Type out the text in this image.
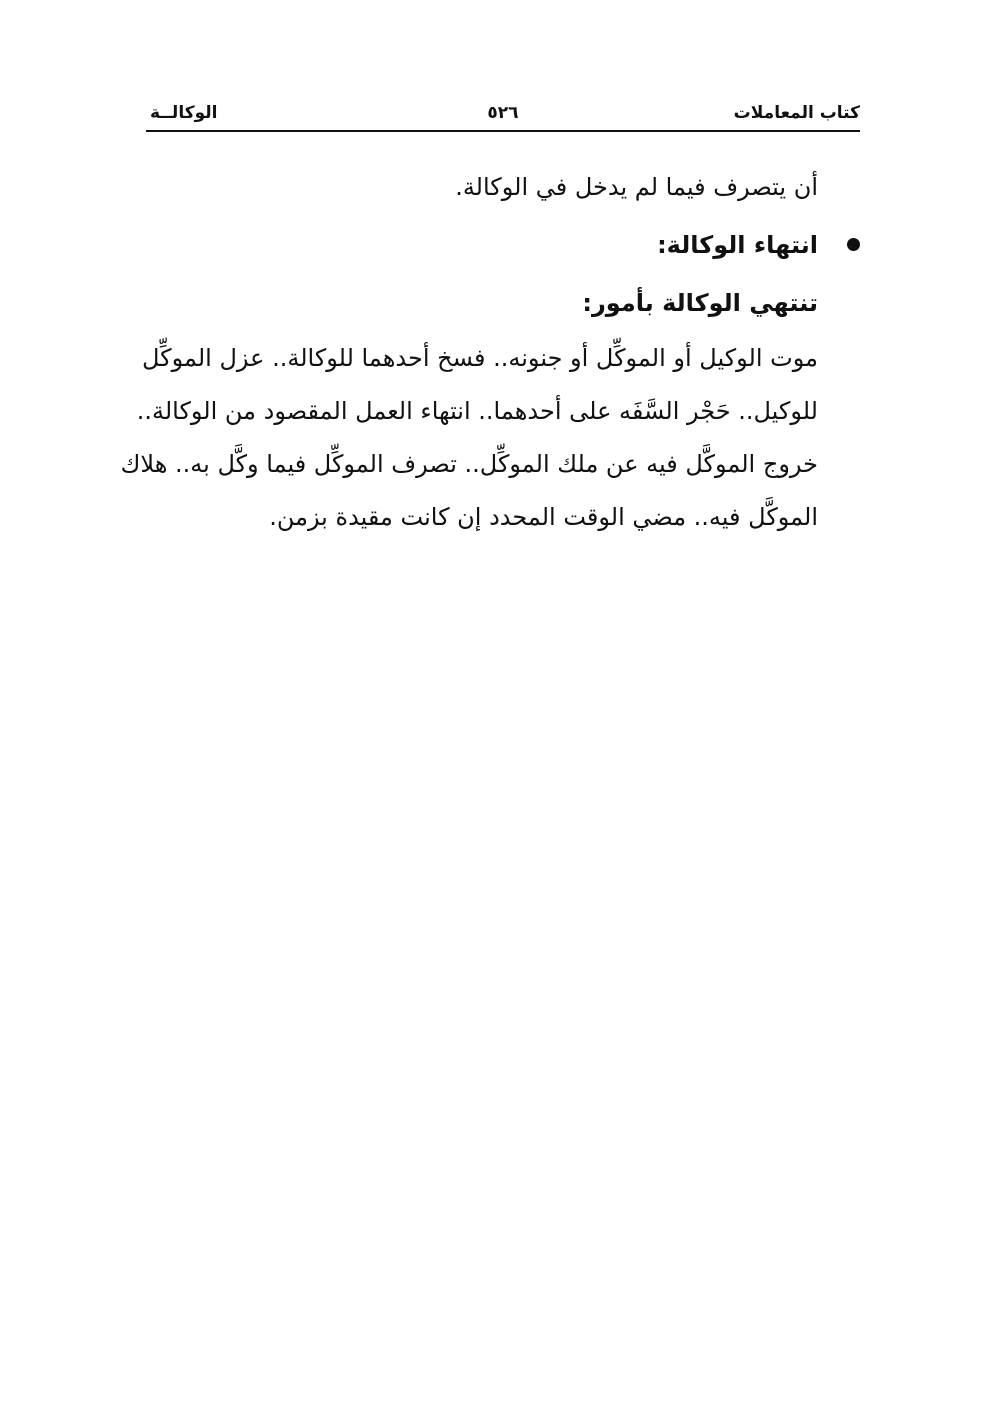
كتاب المعاملات
٥٢٦
الوكالــة
أن يتصرف فيما لم يدخل في الوكالة.
انتهاء الوكالة:
تنتهي الوكالة بأمور:
موت الوكيل أو الموكِّل أو جنونه.. فسخ أحدهما للوكالة.. عزل الموكِّل
للوكيل.. حَجْر السَّفَه على أحدهما.. انتهاء العمل المقصود من الوكالة..
خروج الموكَّل فيه عن ملك الموكِّل.. تصرف الموكِّل فيما وكَّل به.. هلاك
الموكَّل فيه.. مضي الوقت المحدد إن كانت مقيدة بزمن.
